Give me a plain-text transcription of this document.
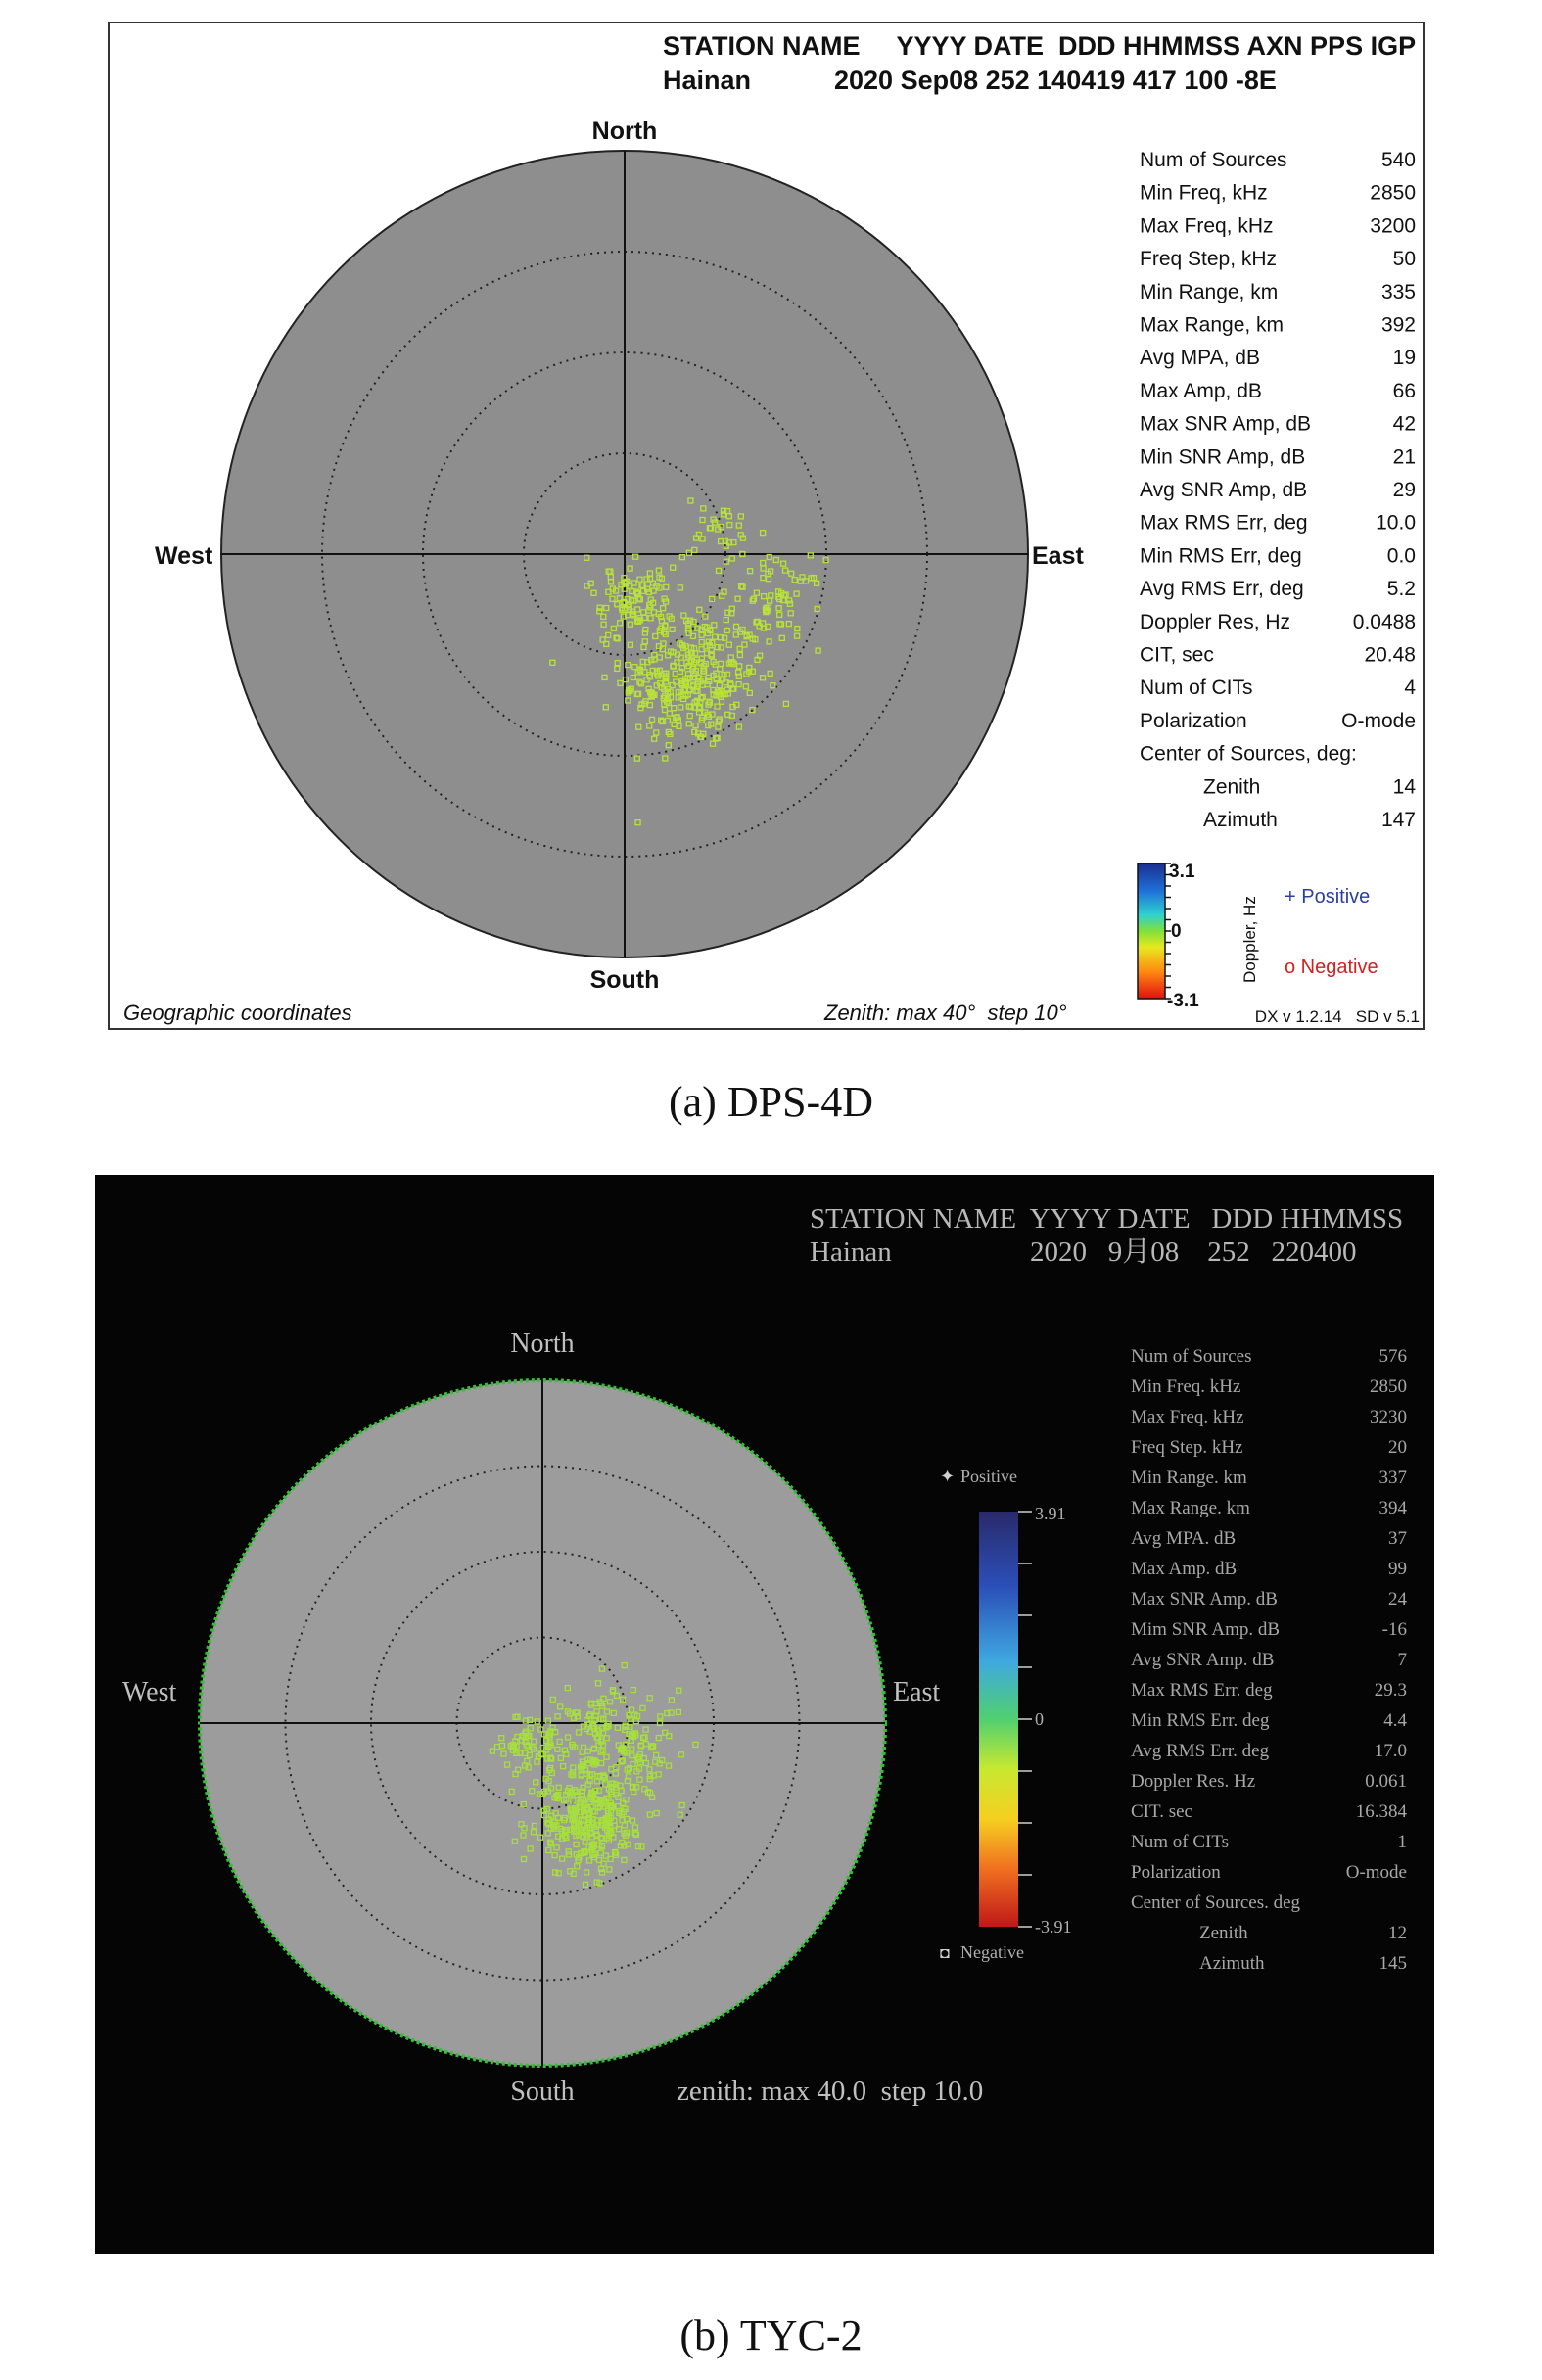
STATION NAME     YYYY DATE  DDD HHMMSS AXN PPS IGP
Hainan	2020 Sep08 252 140419 417 100 -8E
North
South
West	East
Num of Sources	540
Min Freq, kHz	2850
Max Freq, kHz	3200
Freq Step, kHz	50
Min Range, km	335
Max Range, km	392
Avg MPA, dB	19
Max Amp, dB	66
Max SNR Amp, dB	42
Min SNR Amp, dB	21
Avg SNR Amp, dB	29
Max RMS Err, deg	10.0
Min RMS Err, deg	0.0
Avg RMS Err, deg	5.2
Doppler Res, Hz	0.0488
CIT, sec	20.48
Num of CITs	4
Polarization	O-mode
Center of Sources, deg:
Zenith	14
Azimuth	147
3.1
0
-3.1
Doppler, Hz + Positive
o Negative
Geographic coordinates	Zenith: max 40°  step 10°	DX v 1.2.14   SD v 5.1
(a) DPS-4D
STATION NAME  YYYY DATE   DDD HHMMSS
Hainan	2020   9月08    252   220400
North
South
West	East
zenith: max 40.0  step 10.0
3.91
0
-3.91
✦ Positive
◘ Negative
Num of Sources	576
Min Freq. kHz	2850
Max Freq. kHz	3230
Freq Step. kHz	20
Min Range. km	337
Max Range. km	394
Avg MPA. dB	37
Max Amp. dB	99
Max SNR Amp. dB	24
Mim SNR Amp. dB	-16
Avg SNR Amp. dB	7
Max RMS Err. deg	29.3
Min RMS Err. deg	4.4
Avg RMS Err. deg	17.0
Doppler Res. Hz	0.061
CIT. sec	16.384
Num of CITs	1
Polarization	O-mode
Center of Sources. deg
Zenith	12
Azimuth	145
(b) TYC-2
